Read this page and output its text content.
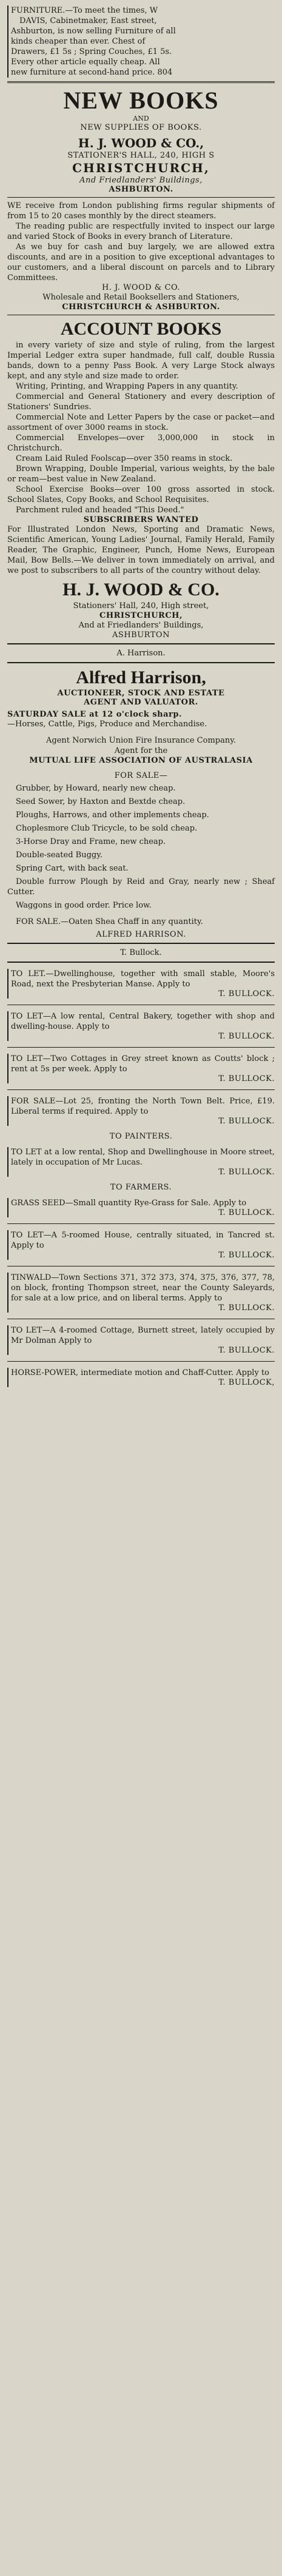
FURNITURE.—To meet the times, W

DAVIS, Cabinetmaker, East street,

Ashburton, is now selling Furniture of all

kinds cheaper than ever. Chest of

Drawers, £1 5s ; Spring Couches, £1 5s.

Every other article equally cheap. All

new furniture at second-hand price. 804

NEW BOOKS
AND
NEW SUPPLIES OF BOOKS.
H. J. WOOD & CO.,
STATIONER'S HALL, 240, HIGH S
CHRISTCHURCH,
And Friedlanders' Buildings,
ASHBURTON.

WE receive from London publishing firms regular shipments of from 15 to 20 cases monthly by the direct steamers.

The reading public are respectfully invited to inspect our large and varied Stock of Books in every branch of Literature.

As we buy for cash and buy largely, we are allowed extra discounts, and are in a position to give exceptional advantages to our customers, and a liberal discount on parcels and to Library Committees.

H. J. WOOD & CO.
Wholesale and Retail Booksellers and Stationers,
CHRISTCHURCH & ASHBURTON.
ACCOUNT BOOKS

in every variety of size and style of ruling, from the largest Imperial Ledger extra super handmade, full calf, double Russia bands, down to a penny Pass Book. A very Large Stock always kept, and any style and size made to order.

Writing, Printing, and Wrapping Papers in any quantity.

Commercial and General Stationery and every description of Stationers' Sundries.

Commercial Note and Letter Papers by the case or packet—and assortment of over 3000 reams in stock.

Commercial Envelopes—over 3,000,000 in stock in Christchurch.

Cream Laid Ruled Foolscap—over 350 reams in stock.

Brown Wrapping, Double Imperial, various weights, by the bale or ream—best value in New Zealand.

School Exercise Books—over 100 gross assorted in stock. School Slates, Copy Books, and School Requisites.

Parchment ruled and headed "This Deed."

SUBSCRIBERS WANTED

For Illustrated London News, Sporting and Dramatic News, Scientific American, Young Ladies' Journal, Family Herald, Family Reader, The Graphic, Engineer, Punch, Home News, European Mail, Bow Bells.—We deliver in town immediately on arrival, and we post to subscribers to all parts of the country without delay.

H. J. WOOD & CO.
Stationers' Hall, 240, High street,
CHRISTCHURCH,
And at Friedlanders' Buildings,
ASHBURTON
A. Harrison.
Alfred Harrison,
AUCTIONEER, STOCK AND ESTATE
AGENT AND VALUATOR.
SATURDAY SALE at 12 o'clock sharp.
—Horses, Cattle, Pigs, Produce and Merchandise.
Agent Norwich Union Fire Insurance Company.
Agent for the
MUTUAL LIFE ASSOCIATION OF AUSTRALASIA
FOR SALE—

Grubber, by Howard, nearly new cheap.

Seed Sower, by Haxton and Bextde cheap.

Ploughs, Harrows, and other implements cheap.

Choplesmore Club Tricycle, to be sold cheap.

3-Horse Dray and Frame, new cheap.

Double-seated Buggy.

Spring Cart, with back seat.

Double furrow Plough by Reid and Gray, nearly new ; Sheaf Cutter.

Waggons in good order. Price low.

FOR SALE.—Oaten Shea Chaff in any quantity.

ALFRED HARRISON.
T. Bullock.

TO LET.—Dwellinghouse, together with small stable, Moore's Road, next the Presbyterian Manse. Apply to

T. BULLOCK.

TO LET—A low rental, Central Bakery, together with shop and dwelling-house. Apply to

T. BULLOCK.

TO LET—Two Cottages in Grey street known as Coutts' block ; rent at 5s per week. Apply to

T. BULLOCK.

FOR SALE—Lot 25, fronting the North Town Belt. Price, £19. Liberal terms if required. Apply to

T. BULLOCK.
TO PAINTERS.

TO LET at a low rental, Shop and Dwellinghouse in Moore street, lately in occupation of Mr Lucas.

T. BULLOCK.
TO FARMERS.

GRASS SEED—Small quantity Rye-Grass for Sale. Apply to

T. BULLOCK.

TO LET—A 5-roomed House, centrally situated, in Tancred st. Apply to

T. BULLOCK.

TINWALD—Town Sections 371, 372 373, 374, 375, 376, 377, 78, on block, fronting Thompson street, near the County Saleyards, for sale at a low price, and on liberal terms. Apply to

T. BULLOCK.

TO LET—A 4-roomed Cottage, Burnett street, lately occupied by Mr Dolman Apply to

T. BULLOCK.

HORSE-POWER, intermediate motion and Chaff-Cutter. Apply to

T. BULLOCK,
